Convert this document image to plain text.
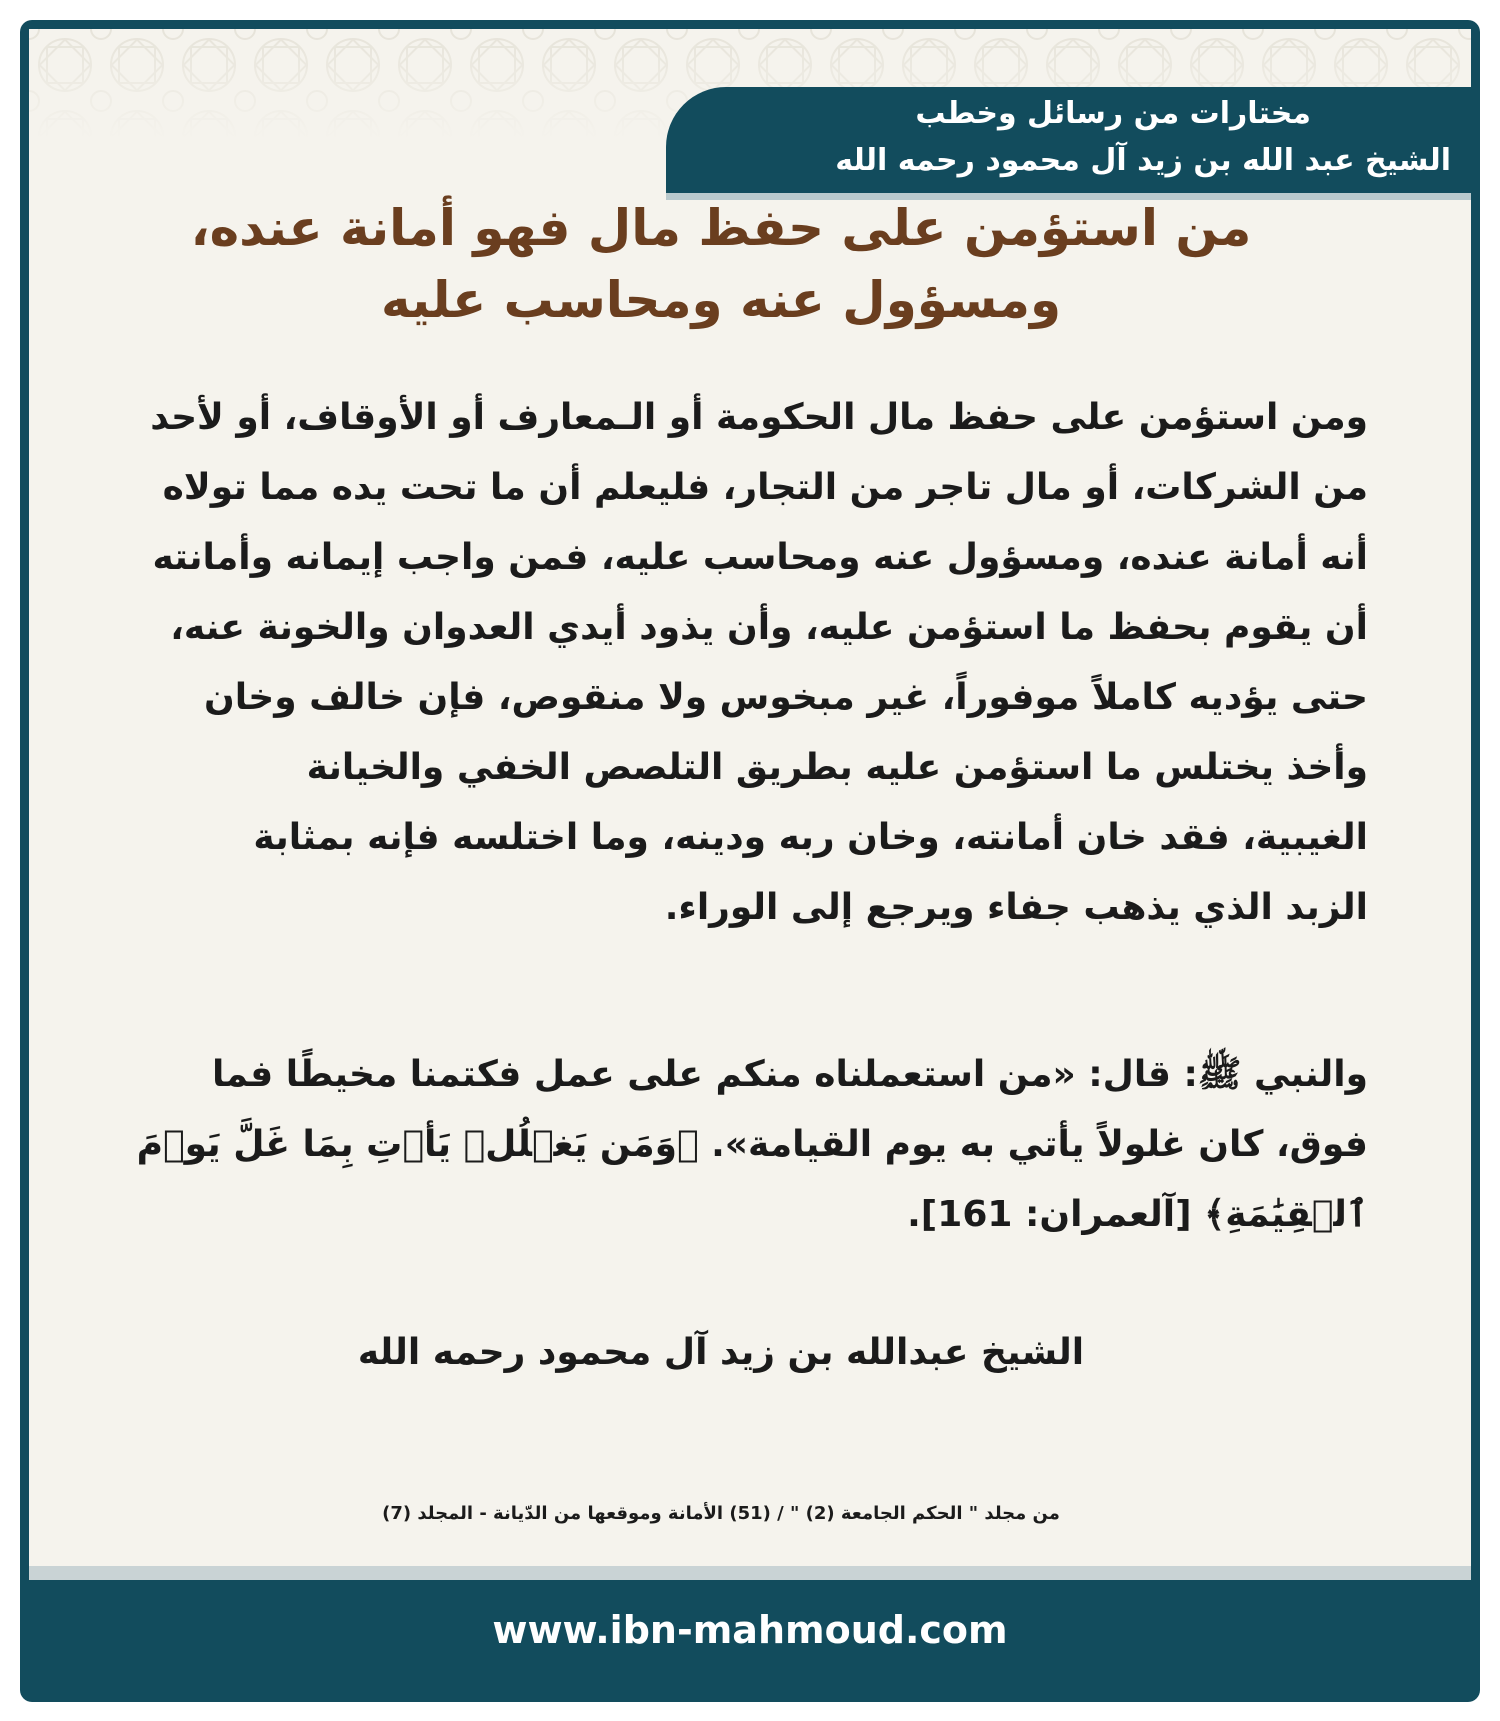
مختارات من رسائل وخطب
الشيخ عبد الله بن زيد آل محمود رحمه الله
من استؤمن على حفظ مال فهو أمانة عنده،
ومسؤول عنه ومحاسب عليه
ومن استؤمن على حفظ مال الحكومة أو الـمعارف أو الأوقاف، أو لأحد
من الشركات، أو مال تاجر من التجار، فليعلم أن ما تحت يده مما تولاه
أنه أمانة عنده، ومسؤول عنه ومحاسب عليه، فمن واجب إيمانه وأمانته
أن يقوم بحفظ ما استؤمن عليه، وأن يذود أيدي العدوان والخونة عنه،
حتى يؤديه كاملاً موفوراً، غير مبخوس ولا منقوص، فإن خالف وخان
وأخذ يختلس ما استؤمن عليه بطريق التلصص الخفي والخيانة
الغيبية، فقد خان أمانته، وخان ربه ودينه، وما اختلسه فإنه بمثابة
الزبد الذي يذهب جفاء ويرجع إلى الوراء.
والنبي ﷺ: قال: «من استعملناه منكم على عمل فكتمنا مخيطًا فما
فوق، كان غلولاً يأتي به يوم القيامة». ﴿وَمَن يَغۡلُلۡ يَأۡتِ بِمَا غَلَّ يَوۡمَ
ٱلۡقِيَٰمَةِ﴾ [آلعمران: 161].
الشيخ عبدالله بن زيد آل محمود رحمه الله
من مجلد " الحكم الجامعة (2) " / (51) الأمانة وموقعها من الدّيانة - المجلد (7)
www.ibn-mahmoud.com
